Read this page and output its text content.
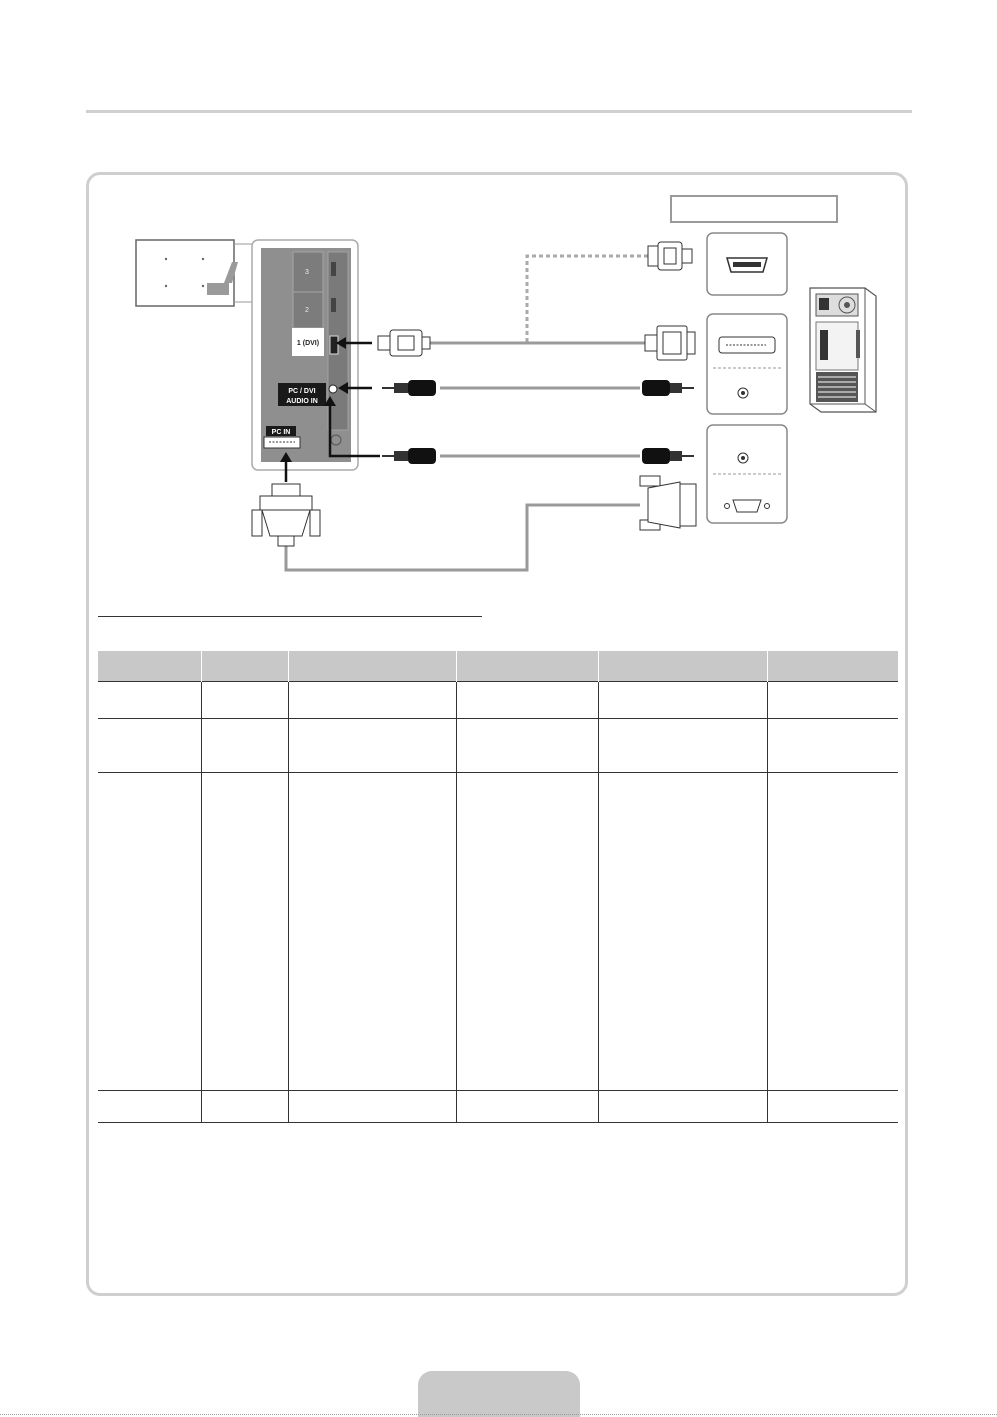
3
2
1 (DVI)
PC / DVI
AUDIO IN
PC IN
